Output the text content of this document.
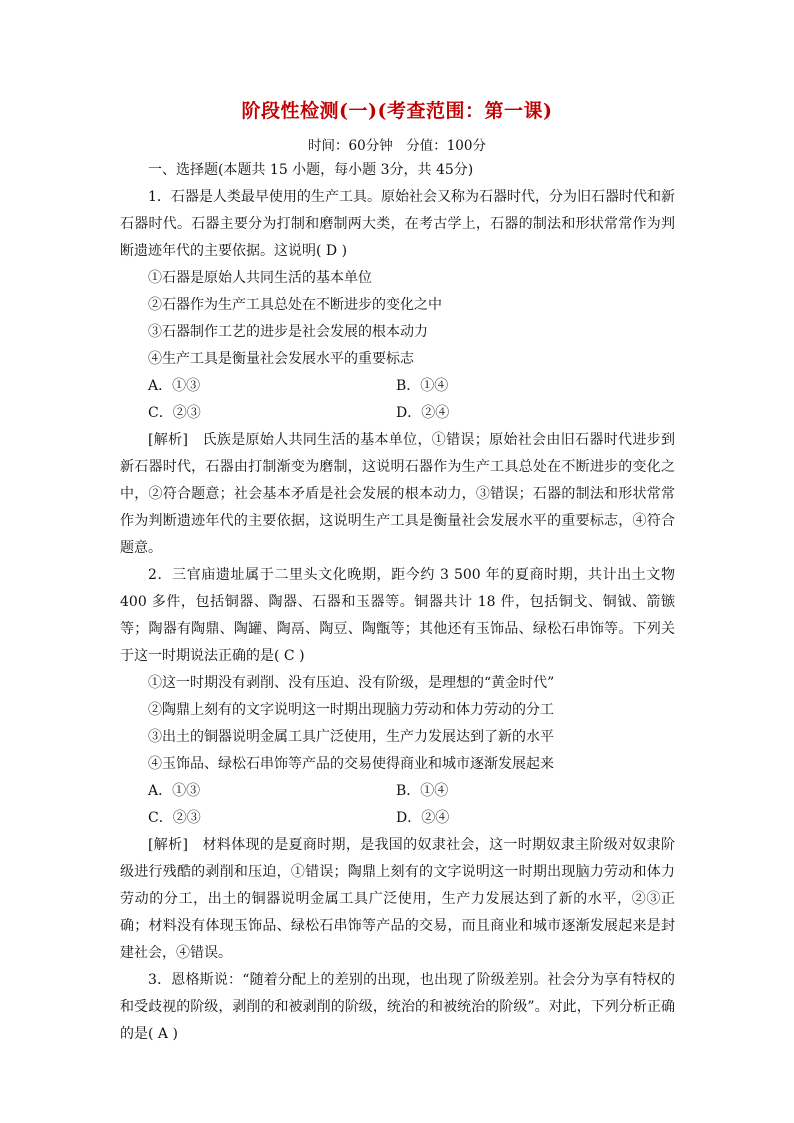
阶段性检测(一)(考查范围：第一课)
时间：60分钟　分值：100分

一、选择题(本题共 15 小题，每小题 3分，共 45分)

1．石器是人类最早使用的生产工具。原始社会又称为石器时代，分为旧石器时代和新石器时代。石器主要分为打制和磨制两大类，在考古学上，石器的制法和形状常常作为判断遗迹年代的主要依据。这说明( D )

①石器是原始人共同生活的基本单位

②石器作为生产工具总处在不断进步的变化之中

③石器制作工艺的进步是社会发展的根本动力

④生产工具是衡量社会发展水平的重要标志

A．①③	B．①④
C．②③	D．②④

[解析]　氏族是原始人共同生活的基本单位，①错误；原始社会由旧石器时代进步到新石器时代，石器由打制渐变为磨制，这说明石器作为生产工具总处在不断进步的变化之中，②符合题意；社会基本矛盾是社会发展的根本动力，③错误；石器的制法和形状常常作为判断遗迹年代的主要依据，这说明生产工具是衡量社会发展水平的重要标志，④符合题意。

2．三官庙遗址属于二里头文化晚期，距今约 3 500 年的夏商时期，共计出土文物 400 多件，包括铜器、陶器、石器和玉器等。铜器共计 18 件，包括铜戈、铜钺、箭镞等；陶器有陶鼎、陶罐、陶鬲、陶豆、陶甑等；其他还有玉饰品、绿松石串饰等。下列关于这一时期说法正确的是( C )

①这一时期没有剥削、没有压迫、没有阶级，是理想的“黄金时代”

②陶鼎上刻有的文字说明这一时期出现脑力劳动和体力劳动的分工

③出土的铜器说明金属工具广泛使用，生产力发展达到了新的水平

④玉饰品、绿松石串饰等产品的交易使得商业和城市逐渐发展起来

A．①③	B．①④
C．②③	D．②④

[解析]　材料体现的是夏商时期，是我国的奴隶社会，这一时期奴隶主阶级对奴隶阶级进行残酷的剥削和压迫，①错误；陶鼎上刻有的文字说明这一时期出现脑力劳动和体力劳动的分工，出土的铜器说明金属工具广泛使用，生产力发展达到了新的水平，②③正确；材料没有体现玉饰品、绿松石串饰等产品的交易，而且商业和城市逐渐发展起来是封建社会，④错误。

3．恩格斯说：“随着分配上的差别的出现，也出现了阶级差别。社会分为享有特权的和受歧视的阶级，剥削的和被剥削的阶级，统治的和被统治的阶级”。对此，下列分析正确的是( A )
